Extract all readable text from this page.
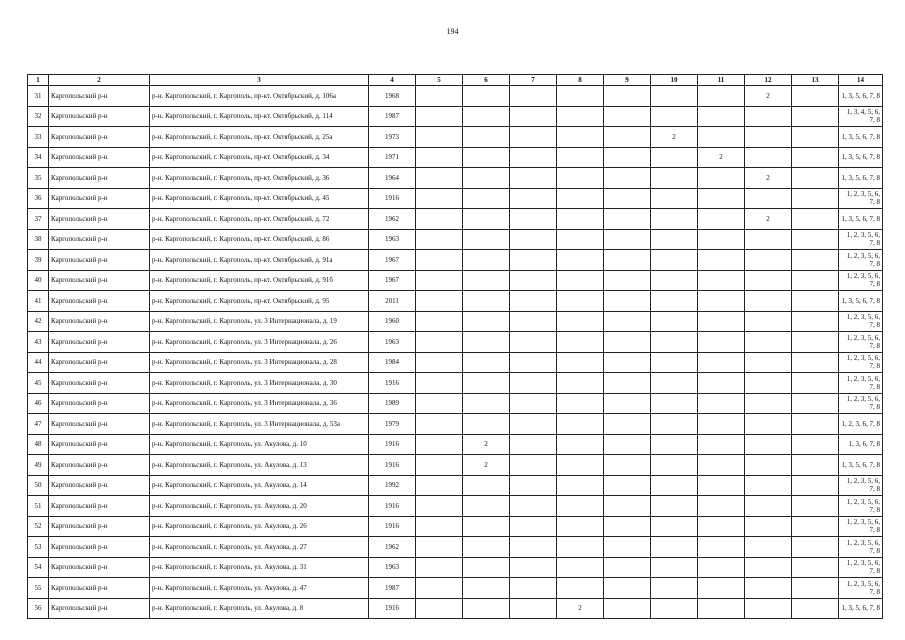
194
1	2	3	4	5	6	7	8	9	10	11	12	13	14
31	Каргопольский р-н	р-н. Каргопольский, г. Каргополь, пр-кт. Октябрьский, д. 106а	1968								2		1, 3, 5, 6, 7, 8
32	Каргопольский р-н	р-н. Каргопольский, г. Каргополь, пр-кт. Октябрьский, д. 114	1987										1, 3, 4, 5, 6, 7, 8
33	Каргопольский р-н	р-н. Каргопольский, г. Каргополь, пр-кт. Октябрьский, д. 25а	1973						2				1, 3, 5, 6, 7, 8
34	Каргопольский р-н	р-н. Каргопольский, г. Каргополь, пр-кт. Октябрьский, д. 34	1971							2			1, 3, 5, 6, 7, 8
35	Каргопольский р-н	р-н. Каргопольский, г. Каргополь, пр-кт. Октябрьский, д. 36	1964								2		1, 3, 5, 6, 7, 8
36	Каргопольский р-н	р-н. Каргопольский, г. Каргополь, пр-кт. Октябрьский, д. 45	1916										1, 2, 3, 5, 6, 7, 8
37	Каргопольский р-н	р-н. Каргопольский, г. Каргополь, пр-кт. Октябрьский, д. 72	1962								2		1, 3, 5, 6, 7, 8
38	Каргопольский р-н	р-н. Каргопольский, г. Каргополь, пр-кт. Октябрьский, д. 86	1963										1, 2, 3, 5, 6, 7, 8
39	Каргопольский р-н	р-н. Каргопольский, г. Каргополь, пр-кт. Октябрьский, д. 91а	1967										1, 2, 3, 5, 6, 7, 8
40	Каргопольский р-н	р-н. Каргопольский, г. Каргополь, пр-кт. Октябрьский, д. 91б	1967										1, 2, 3, 5, 6, 7, 8
41	Каргопольский р-н	р-н. Каргопольский, г. Каргополь, пр-кт. Октябрьский, д. 95	2011										1, 3, 5, 6, 7, 8
42	Каргопольский р-н	р-н. Каргопольский, г. Каргополь, ул. 3 Интернационала, д. 19	1960										1, 2, 3, 5, 6, 7, 8
43	Каргопольский р-н	р-н. Каргопольский, г. Каргополь, ул. 3 Интернационала, д. 26	1963										1, 2, 3, 5, 6, 7, 8
44	Каргопольский р-н	р-н. Каргопольский, г. Каргополь, ул. 3 Интернационала, д. 28	1984										1, 2, 3, 5, 6, 7, 8
45	Каргопольский р-н	р-н. Каргопольский, г. Каргополь, ул. 3 Интернационала, д. 30	1916										1, 2, 3, 5, 6, 7, 8
46	Каргопольский р-н	р-н. Каргопольский, г. Каргополь, ул. 3 Интернационала, д. 36	1989										1, 2, 3, 5, 6, 7, 8
47	Каргопольский р-н	р-н. Каргопольский, г. Каргополь, ул. 3 Интернационала, д. 53а	1979										1, 2, 3, 6, 7, 8
48	Каргопольский р-н	р-н. Каргопольский, г. Каргополь, ул. Акулова, д. 10	1916		2								1, 3, 6, 7, 8
49	Каргопольский р-н	р-н. Каргопольский, г. Каргополь, ул. Акулова, д. 13	1916		2								1, 3, 5, 6, 7, 8
50	Каргопольский р-н	р-н. Каргопольский, г. Каргополь, ул. Акулова, д. 14	1992										1, 2, 3, 5, 6, 7, 8
51	Каргопольский р-н	р-н. Каргопольский, г. Каргополь, ул. Акулова, д. 20	1916										1, 2, 3, 5, 6, 7, 8
52	Каргопольский р-н	р-н. Каргопольский, г. Каргополь, ул. Акулова, д. 26	1916										1, 2, 3, 5, 6, 7, 8
53	Каргопольский р-н	р-н. Каргопольский, г. Каргополь, ул. Акулова, д. 27	1962										1, 2, 3, 5, 6, 7, 8
54	Каргопольский р-н	р-н. Каргопольский, г. Каргополь, ул. Акулова, д. 31	1963										1, 2, 3, 5, 6, 7, 8
55	Каргопольский р-н	р-н. Каргопольский, г. Каргополь, ул. Акулова, д. 47	1987										1, 2, 3, 5, 6, 7, 8
56	Каргопольский р-н	р-н. Каргопольский, г. Каргополь, ул. Акулова, д. 8	1916				2						1, 3, 5, 6, 7, 8
